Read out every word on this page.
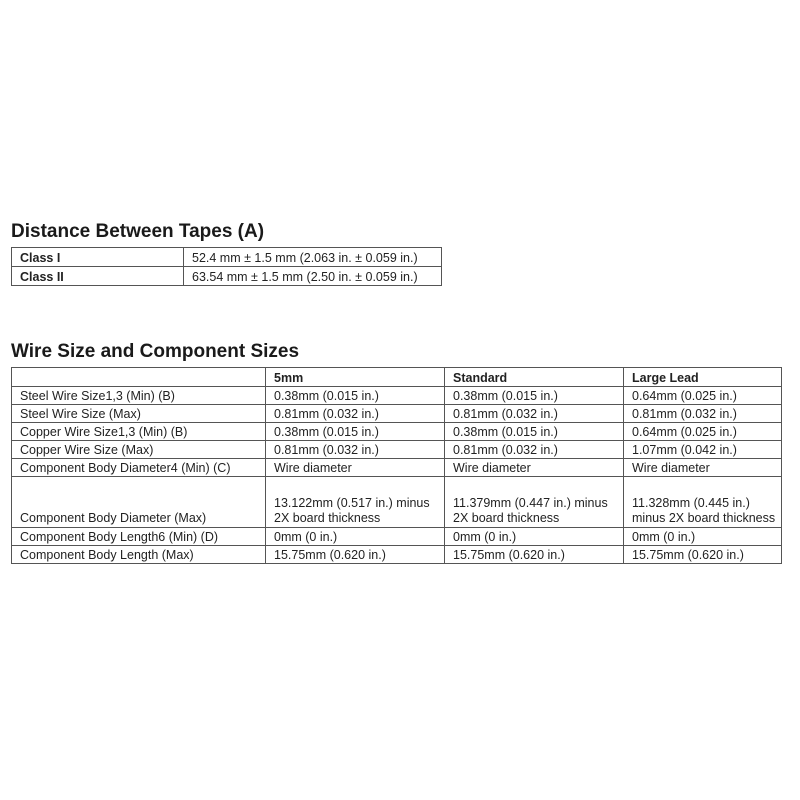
Distance Between Tapes (A)
Class I	52.4 mm ± 1.5 mm (2.063 in. ± 0.059 in.)
Class II	63.54 mm ± 1.5 mm (2.50 in. ± 0.059 in.)
Wire Size and Component Sizes
	5mm	Standard	Large Lead
Steel Wire Size1,3 (Min) (B)	0.38mm (0.015 in.)	0.38mm (0.015 in.)	0.64mm (0.025 in.)
Steel Wire Size (Max)	0.81mm (0.032 in.)	0.81mm (0.032 in.)	0.81mm (0.032 in.)
Copper Wire Size1,3 (Min) (B)	0.38mm (0.015 in.)	0.38mm (0.015 in.)	0.64mm (0.025 in.)
Copper Wire Size (Max)	0.81mm (0.032 in.)	0.81mm (0.032 in.)	1.07mm (0.042 in.)
Component Body Diameter4 (Min) (C)	Wire diameter	Wire diameter	Wire diameter
Component Body Diameter (Max)	13.122mm (0.517 in.) minus 2X board thickness	11.379mm (0.447 in.) minus 2X board thickness	11.328mm (0.445 in.) minus 2X board thickness
Component Body Length6 (Min) (D)	0mm (0 in.)	0mm (0 in.)	0mm (0 in.)
Component Body Length (Max)	15.75mm (0.620 in.)	15.75mm (0.620 in.)	15.75mm (0.620 in.)
